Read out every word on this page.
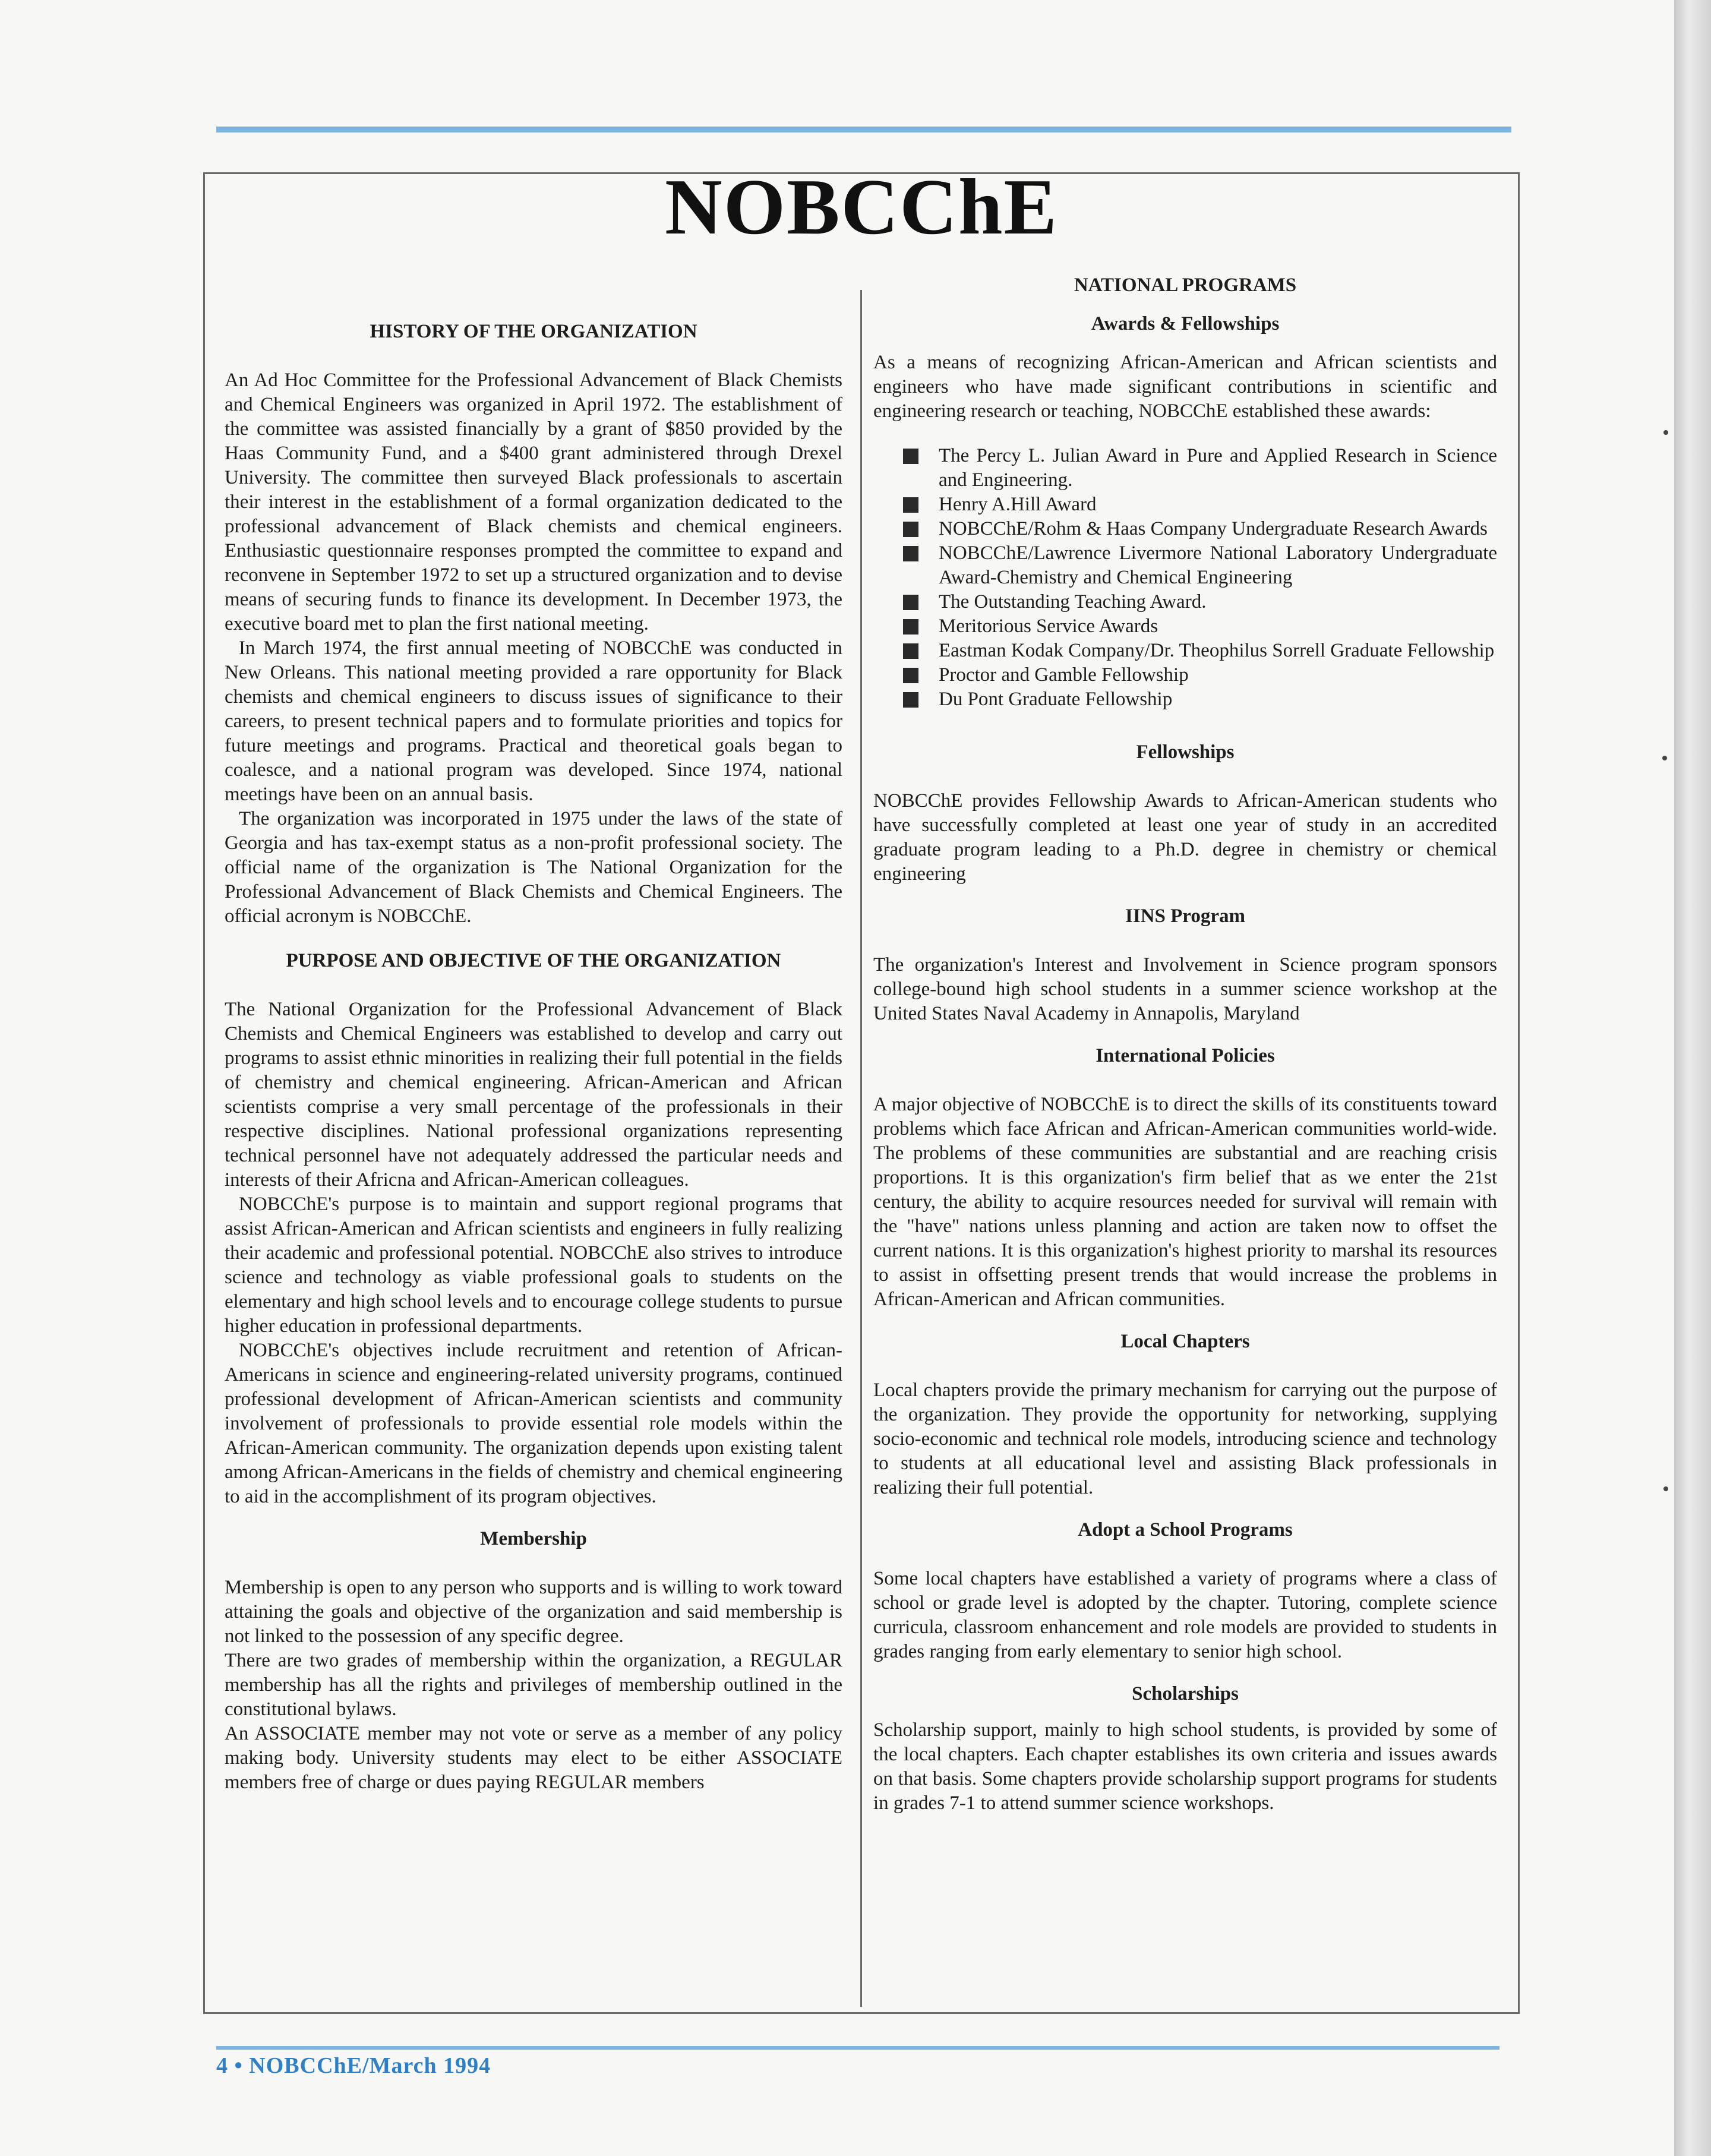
NOBCChE

HISTORY OF THE ORGANIZATION

An Ad Hoc Committee for the Professional Advancement of Black Chemists and Chemical Engineers was organized in April 1972. The establishment of the committee was assisted financially by a grant of $850 provided by the Haas Community Fund, and a $400 grant administered through Drexel University. The committee then surveyed Black professionals to ascertain their interest in the establishment of a formal organization dedicated to the professional advancement of Black chemists and chemical engineers. Enthusiastic questionnaire responses prompted the committee to expand and reconvene in September 1972 to set up a structured organization and to devise means of securing funds to finance its development. In December 1973, the executive board met to plan the first national meeting.

In March 1974, the first annual meeting of NOBCChE was conducted in New Orleans. This national meeting provided a rare opportunity for Black chemists and chemical engineers to discuss issues of significance to their careers, to present technical papers and to formulate priorities and topics for future meetings and programs. Practical and theoretical goals began to coalesce, and a national program was developed. Since 1974, national meetings have been on an annual basis.

The organization was incorporated in 1975 under the laws of the state of Georgia and has tax-exempt status as a non-profit professional society. The official name of the organization is The National Organization for the Professional Advancement of Black Chemists and Chemical Engineers. The official acronym is NOBCChE.

PURPOSE AND OBJECTIVE OF THE ORGANIZATION

The National Organization for the Professional Advancement of Black Chemists and Chemical Engineers was established to develop and carry out programs to assist ethnic minorities in realizing their full potential in the fields of chemistry and chemical engineering. African-American and African scientists comprise a very small percentage of the professionals in their respective disciplines. National professional organizations representing technical personnel have not adequately addressed the particular needs and interests of their Africna and African-American colleagues.

NOBCChE's purpose is to maintain and support regional programs that assist African-American and African scientists and engineers in fully realizing their academic and professional potential. NOBCChE also strives to introduce science and technology as viable professional goals to students on the elementary and high school levels and to encourage college students to pursue higher education in professional departments.

NOBCChE's objectives include recruitment and retention of African-Americans in science and engineering-related university programs, continued professional development of African-American scientists and community involvement of professionals to provide essential role models within the African-American community. The organization depends upon existing talent among African-Americans in the fields of chemistry and chemical engineering to aid in the accomplishment of its program objectives.

Membership

Membership is open to any person who supports and is willing to work toward attaining the goals and objective of the organization and said membership is not linked to the possession of any specific degree.

There are two grades of membership within the organization, a REGULAR membership has all the rights and privileges of membership outlined in the constitutional bylaws.

An ASSOCIATE member may not vote or serve as a member of any policy making body. University students may elect to be either ASSOCIATE members free of charge or dues paying REGULAR members

NATIONAL PROGRAMS

Awards & Fellowships

As a means of recognizing African-American and African scientists and engineers who have made significant contributions in scientific and engineering research or teaching, NOBCChE established these awards:

The Percy L. Julian Award in Pure and Applied Research in Science and Engineering.
Henry A.Hill Award
NOBCChE/Rohm & Haas Company Undergraduate Research Awards
NOBCChE/Lawrence Livermore National Laboratory Undergraduate Award-Chemistry and Chemical Engineering
The Outstanding Teaching Award.
Meritorious Service Awards
Eastman Kodak Company/Dr. Theophilus Sorrell Graduate Fellowship
Proctor and Gamble Fellowship
Du Pont Graduate Fellowship

Fellowships

NOBCChE provides Fellowship Awards to African-American students who have successfully completed at least one year of study in an accredited graduate program leading to a Ph.D. degree in chemistry or chemical engineering

IINS Program

The organization's Interest and Involvement in Science program sponsors college-bound high school students in a summer science workshop at the United States Naval Academy in Annapolis, Maryland

International Policies

A major objective of NOBCChE is to direct the skills of its constituents toward problems which face African and African-American communities world-wide. The problems of these communities are substantial and are reaching crisis proportions. It is this organization's firm belief that as we enter the 21st century, the ability to acquire resources needed for survival will remain with the "have" nations unless planning and action are taken now to offset the current nations. It is this organization's highest priority to marshal its resources to assist in offsetting present trends that would increase the problems in African-American and African communities.

Local Chapters

Local chapters provide the primary mechanism for carrying out the purpose of the organization. They provide the opportunity for networking, supplying socio-economic and technical role models, introducing science and technology to students at all educational level and assisting Black professionals in realizing their full potential.

Adopt a School Programs

Some local chapters have established a variety of programs where a class of school or grade level is adopted by the chapter. Tutoring, complete science curricula, classroom enhancement and role models are provided to students in grades ranging from early elementary to senior high school.

Scholarships

Scholarship support, mainly to high school students, is provided by some of the local chapters. Each chapter establishes its own criteria and issues awards on that basis. Some chapters provide scholarship support programs for students in grades 7-1 to attend summer science workshops.

4 • NOBCChE/March 1994
